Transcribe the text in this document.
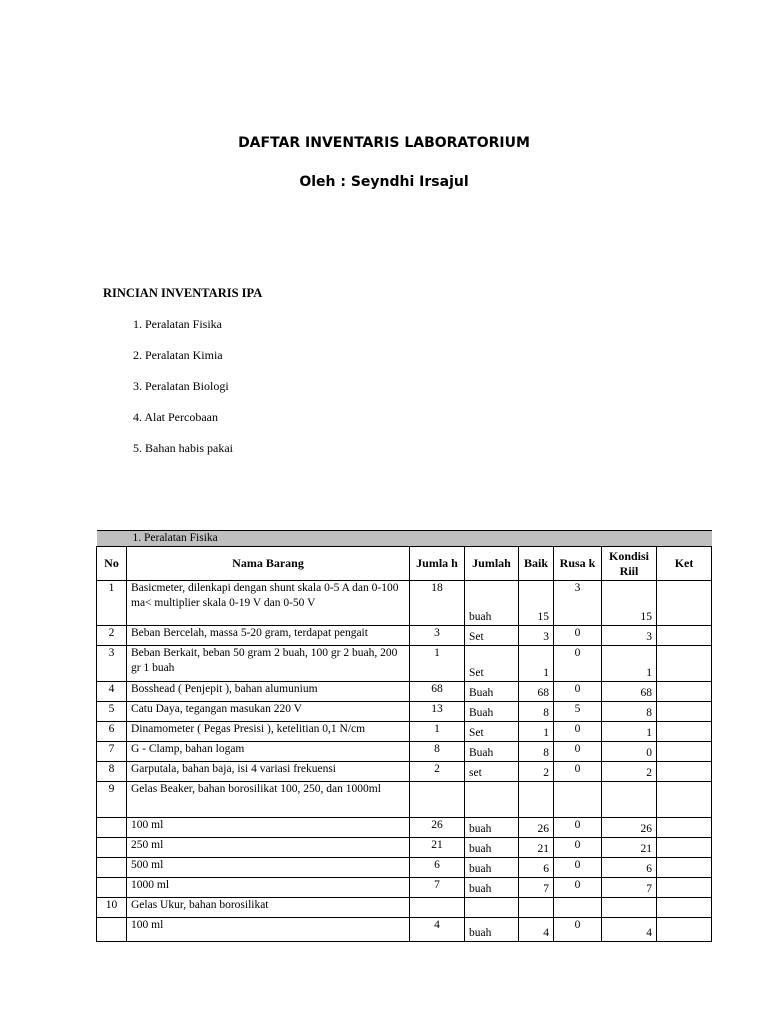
DAFTAR INVENTARIS LABORATORIUM
Oleh : Seyndhi Irsajul
RINCIAN INVENTARIS IPA
1. Peralatan Fisika
2. Peralatan Kimia
3. Peralatan Biologi
4. Alat Percobaan
5. Bahan habis pakai
1. Peralatan Fisika							
No	Nama Barang	Jumla h	Jumlah	Baik	Rusa k	Kondisi Riil	Ket
1	Basicmeter, dilenkapi dengan shunt skala 0-5 A dan 0-100 ma< multiplier skala 0-19 V dan 0-50 V	18	buah	15	3	15	
2	Beban Bercelah, massa 5-20 gram, terdapat pengait	3	Set	3	0	3	
3	Beban Berkait, beban 50 gram 2 buah, 100 gr 2 buah, 200 gr 1 buah	1	Set	1	0	1	
4	Bosshead ( Penjepit ), bahan alumunium	68	Buah	68	0	68	
5	Catu Daya, tegangan masukan 220 V	13	Buah	8	5	8	
6	Dinamometer ( Pegas Presisi ), ketelitian 0,1 N/cm	1	Set	1	0	1	
7	G - Clamp, bahan logam	8	Buah	8	0	0	
8	Garputala, bahan baja, isi 4 variasi frekuensi	2	set	2	0	2	
9	Gelas Beaker, bahan borosilikat 100, 250, dan 1000ml						
	100 ml	26	buah	26	0	26	
	250 ml	21	buah	21	0	21	
	500 ml	6	buah	6	0	6	
	1000 ml	7	buah	7	0	7	
10	Gelas Ukur, bahan borosilikat						
	100 ml	4	buah	4	0	4	
